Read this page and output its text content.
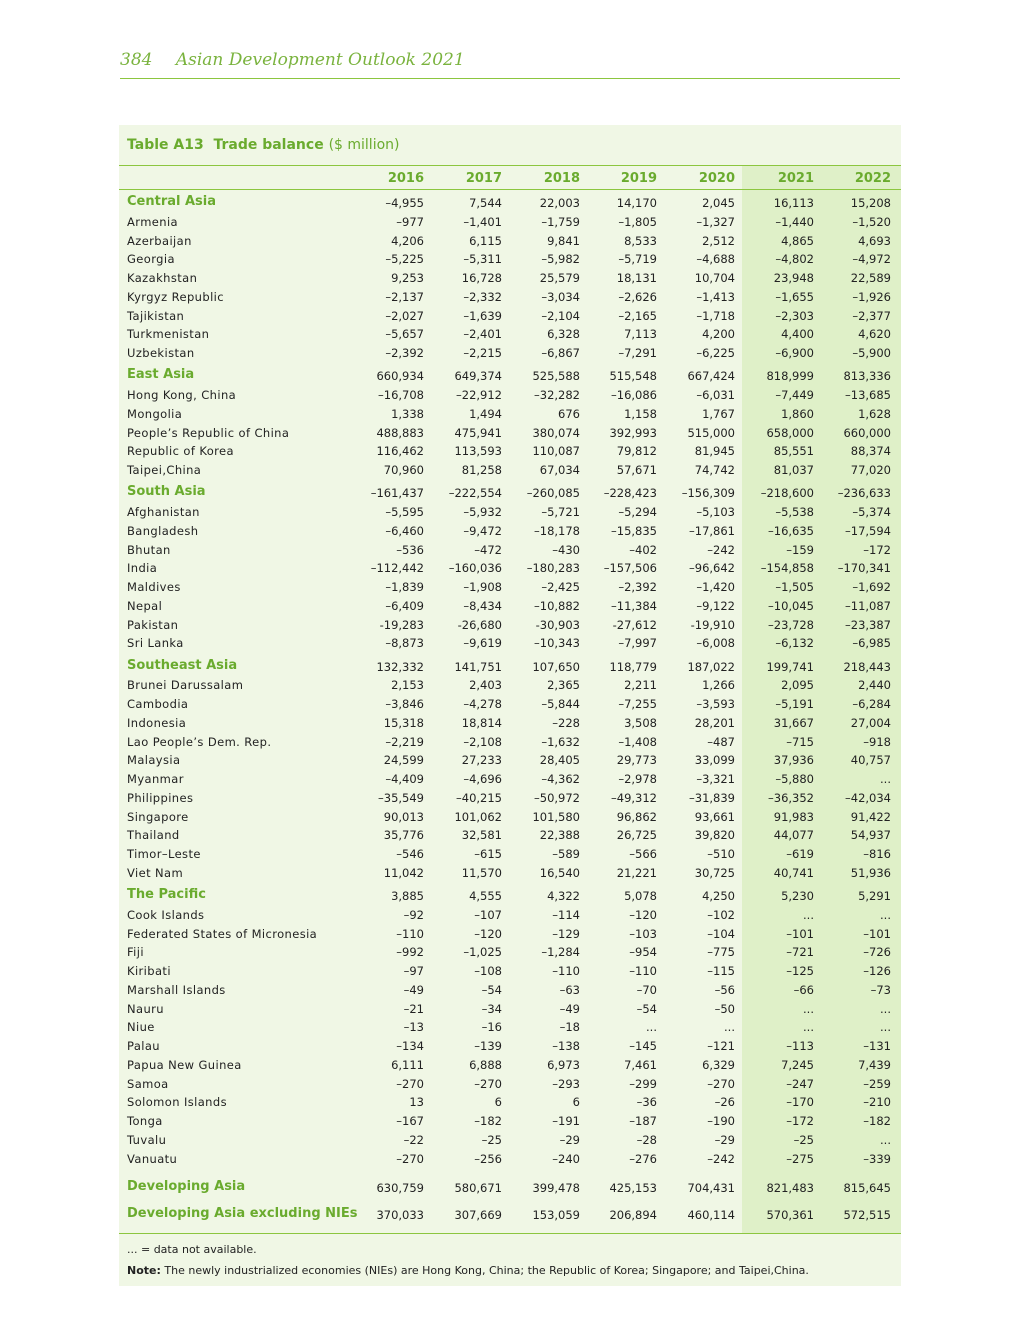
384 Asian Development Outlook 2021
Table A13 Trade balance ($ million)
2016	2017	2018	2019	2020	2021	2022
Central Asia	–4,955	7,544	22,003	14,170	2,045	16,113	15,208
Armenia	–977	–1,401	–1,759	–1,805	–1,327	–1,440	–1,520
Azerbaijan	4,206	6,115	9,841	8,533	2,512	4,865	4,693
Georgia	–5,225	–5,311	–5,982	–5,719	–4,688	–4,802	–4,972
Kazakhstan	9,253	16,728	25,579	18,131	10,704	23,948	22,589
Kyrgyz Republic	–2,137	–2,332	–3,034	–2,626	–1,413	–1,655	–1,926
Tajikistan	–2,027	–1,639	–2,104	–2,165	–1,718	–2,303	–2,377
Turkmenistan	–5,657	–2,401	6,328	7,113	4,200	4,400	4,620
Uzbekistan	–2,392	–2,215	–6,867	–7,291	–6,225	–6,900	–5,900
East Asia	660,934	649,374	525,588	515,548	667,424	818,999	813,336
Hong Kong, China	–16,708	–22,912	–32,282	–16,086	–6,031	–7,449	–13,685
Mongolia	1,338	1,494	676	1,158	1,767	1,860	1,628
People’s Republic of China	488,883	475,941	380,074	392,993	515,000	658,000	660,000
Republic of Korea	116,462	113,593	110,087	79,812	81,945	85,551	88,374
Taipei,China	70,960	81,258	67,034	57,671	74,742	81,037	77,020
South Asia	–161,437	–222,554	–260,085	–228,423	–156,309	–218,600	–236,633
Afghanistan	–5,595	–5,932	–5,721	–5,294	–5,103	–5,538	–5,374
Bangladesh	–6,460	–9,472	–18,178	–15,835	–17,861	–16,635	–17,594
Bhutan	–536	–472	–430	–402	–242	–159	–172
India	–112,442	–160,036	–180,283	–157,506	–96,642	–154,858	–170,341
Maldives	–1,839	–1,908	–2,425	–2,392	–1,420	–1,505	–1,692
Nepal	–6,409	–8,434	–10,882	–11,384	–9,122	–10,045	–11,087
Pakistan	-19,283	-26,680	-30,903	-27,612	-19,910	–23,728	–23,387
Sri Lanka	–8,873	–9,619	–10,343	–7,997	–6,008	–6,132	–6,985
Southeast Asia	132,332	141,751	107,650	118,779	187,022	199,741	218,443
Brunei Darussalam	2,153	2,403	2,365	2,211	1,266	2,095	2,440
Cambodia	–3,846	–4,278	–5,844	–7,255	–3,593	–5,191	–6,284
Indonesia	15,318	18,814	–228	3,508	28,201	31,667	27,004
Lao People’s Dem. Rep.	–2,219	–2,108	–1,632	–1,408	–487	–715	–918
Malaysia	24,599	27,233	28,405	29,773	33,099	37,936	40,757
Myanmar	–4,409	–4,696	–4,362	–2,978	–3,321	–5,880	...
Philippines	–35,549	–40,215	–50,972	–49,312	–31,839	–36,352	–42,034
Singapore	90,013	101,062	101,580	96,862	93,661	91,983	91,422
Thailand	35,776	32,581	22,388	26,725	39,820	44,077	54,937
Timor–Leste	–546	–615	–589	–566	–510	–619	–816
Viet Nam	11,042	11,570	16,540	21,221	30,725	40,741	51,936
The Pacific	3,885	4,555	4,322	5,078	4,250	5,230	5,291
Cook Islands	–92	–107	–114	–120	–102	...	...
Federated States of Micronesia	–110	–120	–129	–103	–104	–101	–101
Fiji	–992	–1,025	–1,284	–954	–775	–721	–726
Kiribati	–97	–108	–110	–110	–115	–125	–126
Marshall Islands	–49	–54	–63	–70	–56	–66	–73
Nauru	–21	–34	–49	–54	–50	...	...
Niue	–13	–16	–18	...	...	...	...
Palau	–134	–139	–138	–145	–121	–113	–131
Papua New Guinea	6,111	6,888	6,973	7,461	6,329	7,245	7,439
Samoa	–270	–270	–293	–299	–270	–247	–259
Solomon Islands	13	6	6	–36	–26	–170	–210
Tonga	–167	–182	–191	–187	–190	–172	–182
Tuvalu	–22	–25	–29	–28	–29	–25	...
Vanuatu	–270	–256	–240	–276	–242	–275	–339
Developing Asia	630,759	580,671	399,478	425,153	704,431	821,483	815,645
Developing Asia excluding NIEs	370,033	307,669	153,059	206,894	460,114	570,361	572,515
... = data not available.
Note: The newly industrialized economies (NIEs) are Hong Kong, China; the Republic of Korea; Singapore; and Taipei,China.
